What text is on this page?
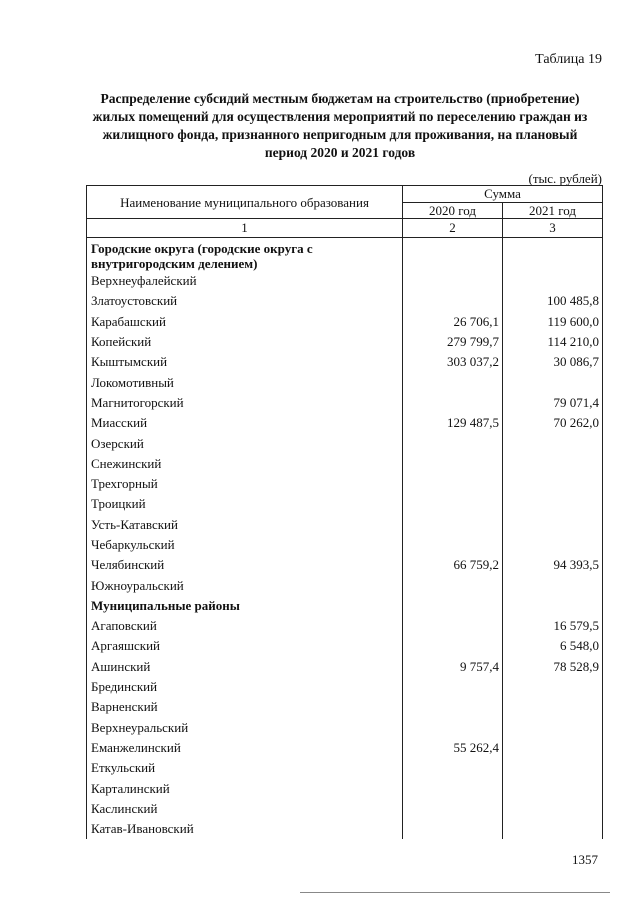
Таблица 19
Распределение субсидий местным бюджетам на строительство (приобретение) жилых помещений для осуществления мероприятий по переселению граждан из жилищного фонда, признанного непригодным для проживания, на плановый период 2020 и 2021 годов
(тыс. рублей)
Наименование муниципального образования	Сумма	
	2020 год	2021 год
1	2	3
Городские округа (городские округа с внутригородским делением)		
Верхнеуфалейский		
Златоустовский		100 485,8
Карабашский	26 706,1	119 600,0
Копейский	279 799,7	114 210,0
Кыштымский	303 037,2	30 086,7
Локомотивный		
Магнитогорский		79 071,4
Миасский	129 487,5	70 262,0
Озерский		
Снежинский		
Трехгорный		
Троицкий		
Усть-Катавский		
Чебаркульский		
Челябинский	66 759,2	94 393,5
Южноуральский		
Муниципальные районы		
Агаповский		16 579,5
Аргаяшский		6 548,0
Ашинский	9 757,4	78 528,9
Брединский		
Варненский		
Верхнеуральский		
Еманжелинский	55 262,4	
Еткульский		
Карталинский		
Каслинский		
Катав-Ивановский		
1357
